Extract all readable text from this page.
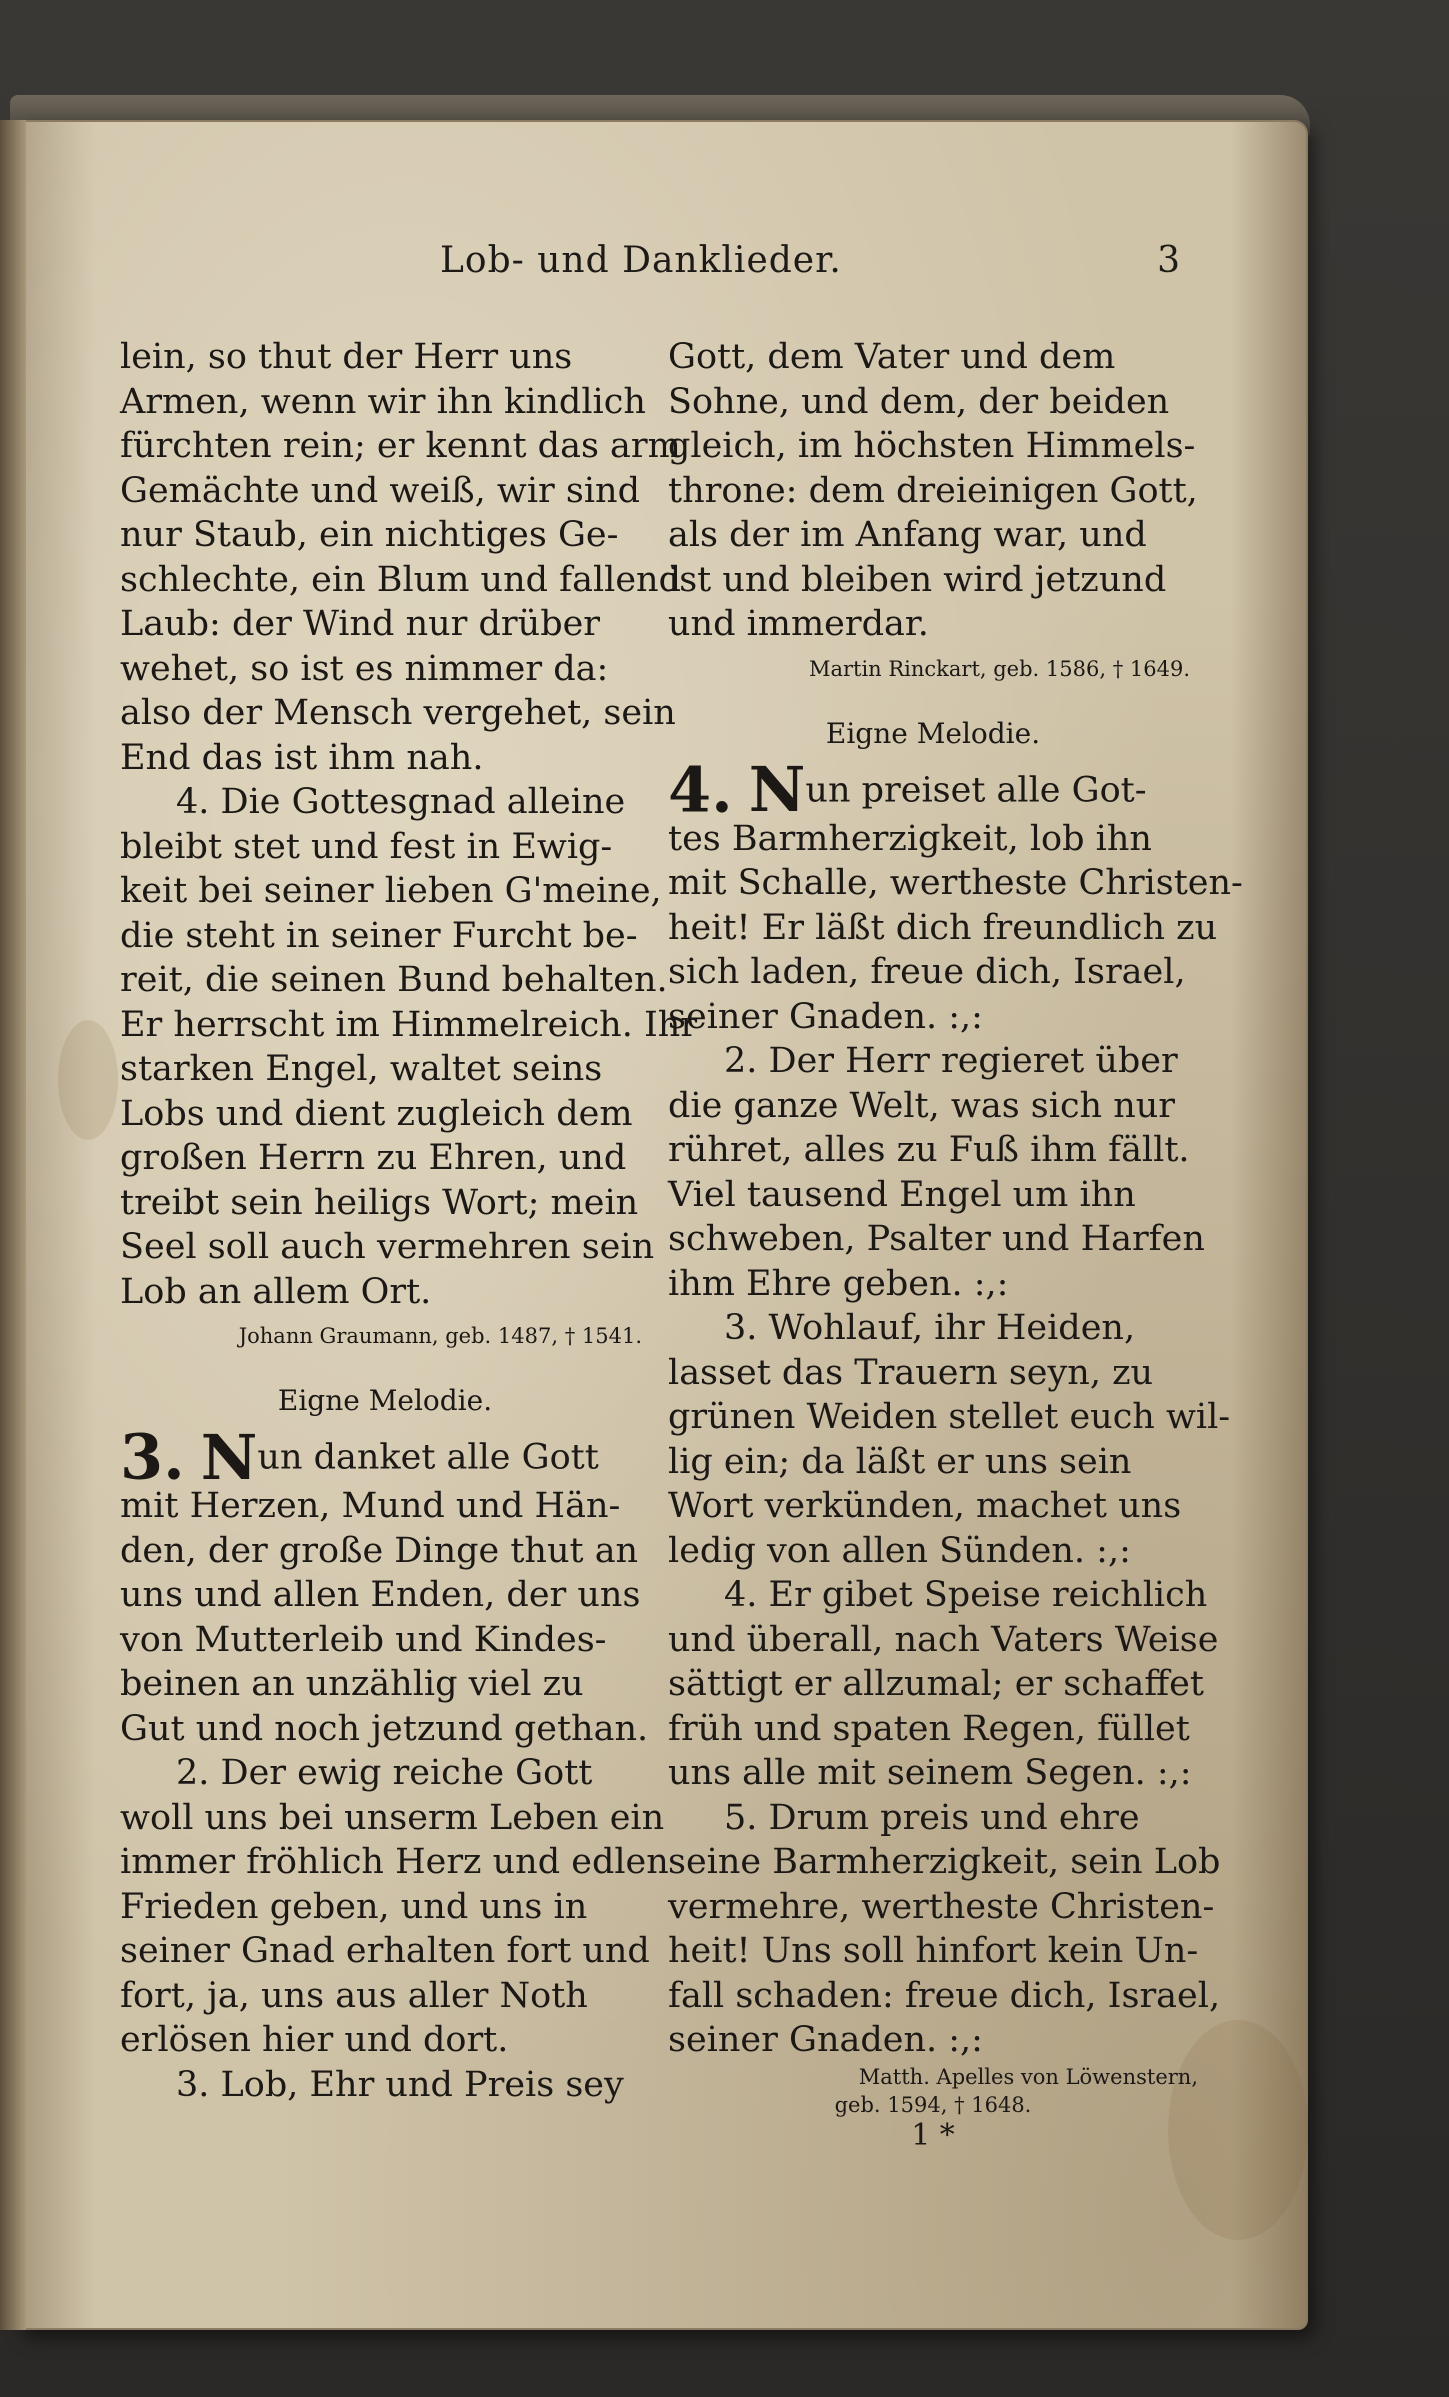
Lob- und Danklieder.	3
lein, so thut der Herr uns
Armen, wenn wir ihn kindlich
fürchten rein; er kennt das arm
Gemächte und weiß, wir sind
nur Staub, ein nichtiges Ge-
schlechte, ein Blum und fallend
Laub: der Wind nur drüber
wehet, so ist es nimmer da:
also der Mensch vergehet, sein
End das ist ihm nah.
4. Die Gottesgnad alleine
bleibt stet und fest in Ewig-
keit bei seiner lieben G'meine,
die steht in seiner Furcht be-
reit, die seinen Bund behalten.
Er herrscht im Himmelreich. Ihr
starken Engel, waltet seins
Lobs und dient zugleich dem
großen Herrn zu Ehren, und
treibt sein heiligs Wort; mein
Seel soll auch vermehren sein
Lob an allem Ort.
Johann Graumann, geb. 1487, † 1541.
Eigne Melodie.
3. Nun danket alle Gott
mit Herzen, Mund und Hän-
den, der große Dinge thut an
uns und allen Enden, der uns
von Mutterleib und Kindes-
beinen an unzählig viel zu
Gut und noch jetzund gethan.
2. Der ewig reiche Gott
woll uns bei unserm Leben ein
immer fröhlich Herz und edlen
Frieden geben, und uns in
seiner Gnad erhalten fort und
fort, ja, uns aus aller Noth
erlösen hier und dort.
3. Lob, Ehr und Preis sey
Gott, dem Vater und dem
Sohne, und dem, der beiden
gleich, im höchsten Himmels-
throne: dem dreieinigen Gott,
als der im Anfang war, und
ist und bleiben wird jetzund
und immerdar.
Martin Rinckart, geb. 1586, † 1649.
Eigne Melodie.
4. Nun preiset alle Got-
tes Barmherzigkeit, lob ihn
mit Schalle, wertheste Christen-
heit! Er läßt dich freundlich zu
sich laden, freue dich, Israel,
seiner Gnaden. :,:
2. Der Herr regieret über
die ganze Welt, was sich nur
rühret, alles zu Fuß ihm fällt.
Viel tausend Engel um ihn
schweben, Psalter und Harfen
ihm Ehre geben. :,:
3. Wohlauf, ihr Heiden,
lasset das Trauern seyn, zu
grünen Weiden stellet euch wil-
lig ein; da läßt er uns sein
Wort verkünden, machet uns
ledig von allen Sünden. :,:
4. Er gibet Speise reichlich
und überall, nach Vaters Weise
sättigt er allzumal; er schaffet
früh und spaten Regen, füllet
uns alle mit seinem Segen. :,:
5. Drum preis und ehre
seine Barmherzigkeit, sein Lob
vermehre, wertheste Christen-
heit! Uns soll hinfort kein Un-
fall schaden: freue dich, Israel,
seiner Gnaden. :,:
Matth. Apelles von Löwenstern,
geb. 1594, † 1648.
1 *
